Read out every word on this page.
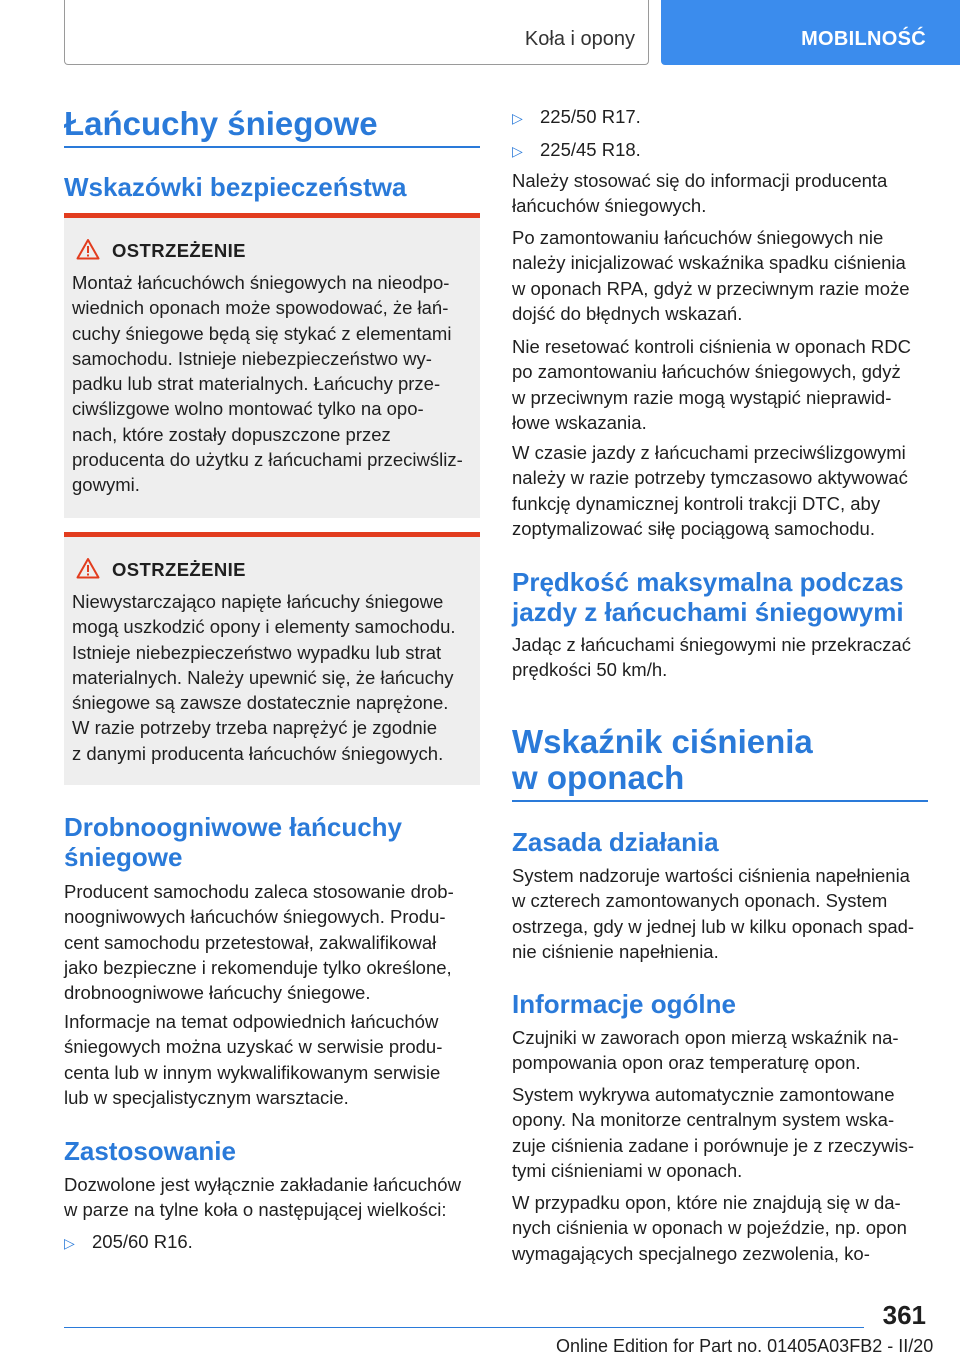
Koła i opony	MOBILNOŚĆ
Łańcuchy śniegowe
Wskazówki bezpieczeństwa
OSTRZEŻENIE
Montaż łańcuchówch śniegowych na nieodpo-
wiednich oponach może spowodować, że łań-
cuchy śniegowe będą się stykać z elementami
samochodu. Istnieje niebezpieczeństwo wy-
padku lub strat materialnych. Łańcuchy prze-
ciwślizgowe wolno montować tylko na opo-
nach, które zostały dopuszczone przez
producenta do użytku z łańcuchami przeciwśliz-
gowymi.
OSTRZEŻENIE
Niewystarczająco napięte łańcuchy śniegowe
mogą uszkodzić opony i elementy samochodu.
Istnieje niebezpieczeństwo wypadku lub strat
materialnych. Należy upewnić się, że łańcuchy
śniegowe są zawsze dostatecznie naprężone.
W razie potrzeby trzeba naprężyć je zgodnie
z danymi producenta łańcuchów śniegowych.
Drobnoogniwowe łańcuchy
śniegowe
Producent samochodu zaleca stosowanie drob-
noogniwowych łańcuchów śniegowych. Produ-
cent samochodu przetestował, zakwalifikował
jako bezpieczne i rekomenduje tylko określone,
drobnoogniwowe łańcuchy śniegowe.
Informacje na temat odpowiednich łańcuchów
śniegowych można uzyskać w serwisie produ-
centa lub w innym wykwalifikowanym serwisie
lub w specjalistycznym warsztacie.
Zastosowanie
Dozwolone jest wyłącznie zakładanie łańcuchów
w parze na tylne koła o następującej wielkości:
▷ 205/60 R16.
▷ 225/50 R17.
▷ 225/45 R18.
Należy stosować się do informacji producenta
łańcuchów śniegowych.
Po zamontowaniu łańcuchów śniegowych nie
należy inicjalizować wskaźnika spadku ciśnienia
w oponach RPA, gdyż w przeciwnym razie może
dojść do błędnych wskazań.
Nie resetować kontroli ciśnienia w oponach RDC
po zamontowaniu łańcuchów śniegowych, gdyż
w przeciwnym razie mogą wystąpić nieprawid-
łowe wskazania.
W czasie jazdy z łańcuchami przeciwślizgowymi
należy w razie potrzeby tymczasowo aktywować
funkcję dynamicznej kontroli trakcji DTC, aby
zoptymalizować siłę pociągową samochodu.
Prędkość maksymalna podczas
jazdy z łańcuchami śniegowymi
Jadąc z łańcuchami śniegowymi nie przekraczać
prędkości 50 km/h.
Wskaźnik ciśnienia
w oponach
Zasada działania
System nadzoruje wartości ciśnienia napełnienia
w czterech zamontowanych oponach. System
ostrzega, gdy w jednej lub w kilku oponach spad-
nie ciśnienie napełnienia.
Informacje ogólne
Czujniki w zaworach opon mierzą wskaźnik na-
pompowania opon oraz temperaturę opon.
System wykrywa automatycznie zamontowane
opony. Na monitorze centralnym system wska-
zuje ciśnienia zadane i porównuje je z rzeczywis-
tymi ciśnieniami w oponach.
W przypadku opon, które nie znajdują się w da-
nych ciśnienia w oponach w pojeździe, np. opon
wymagających specjalnego zezwolenia, ko-
361
Online Edition for Part no. 01405A03FB2 - II/20
